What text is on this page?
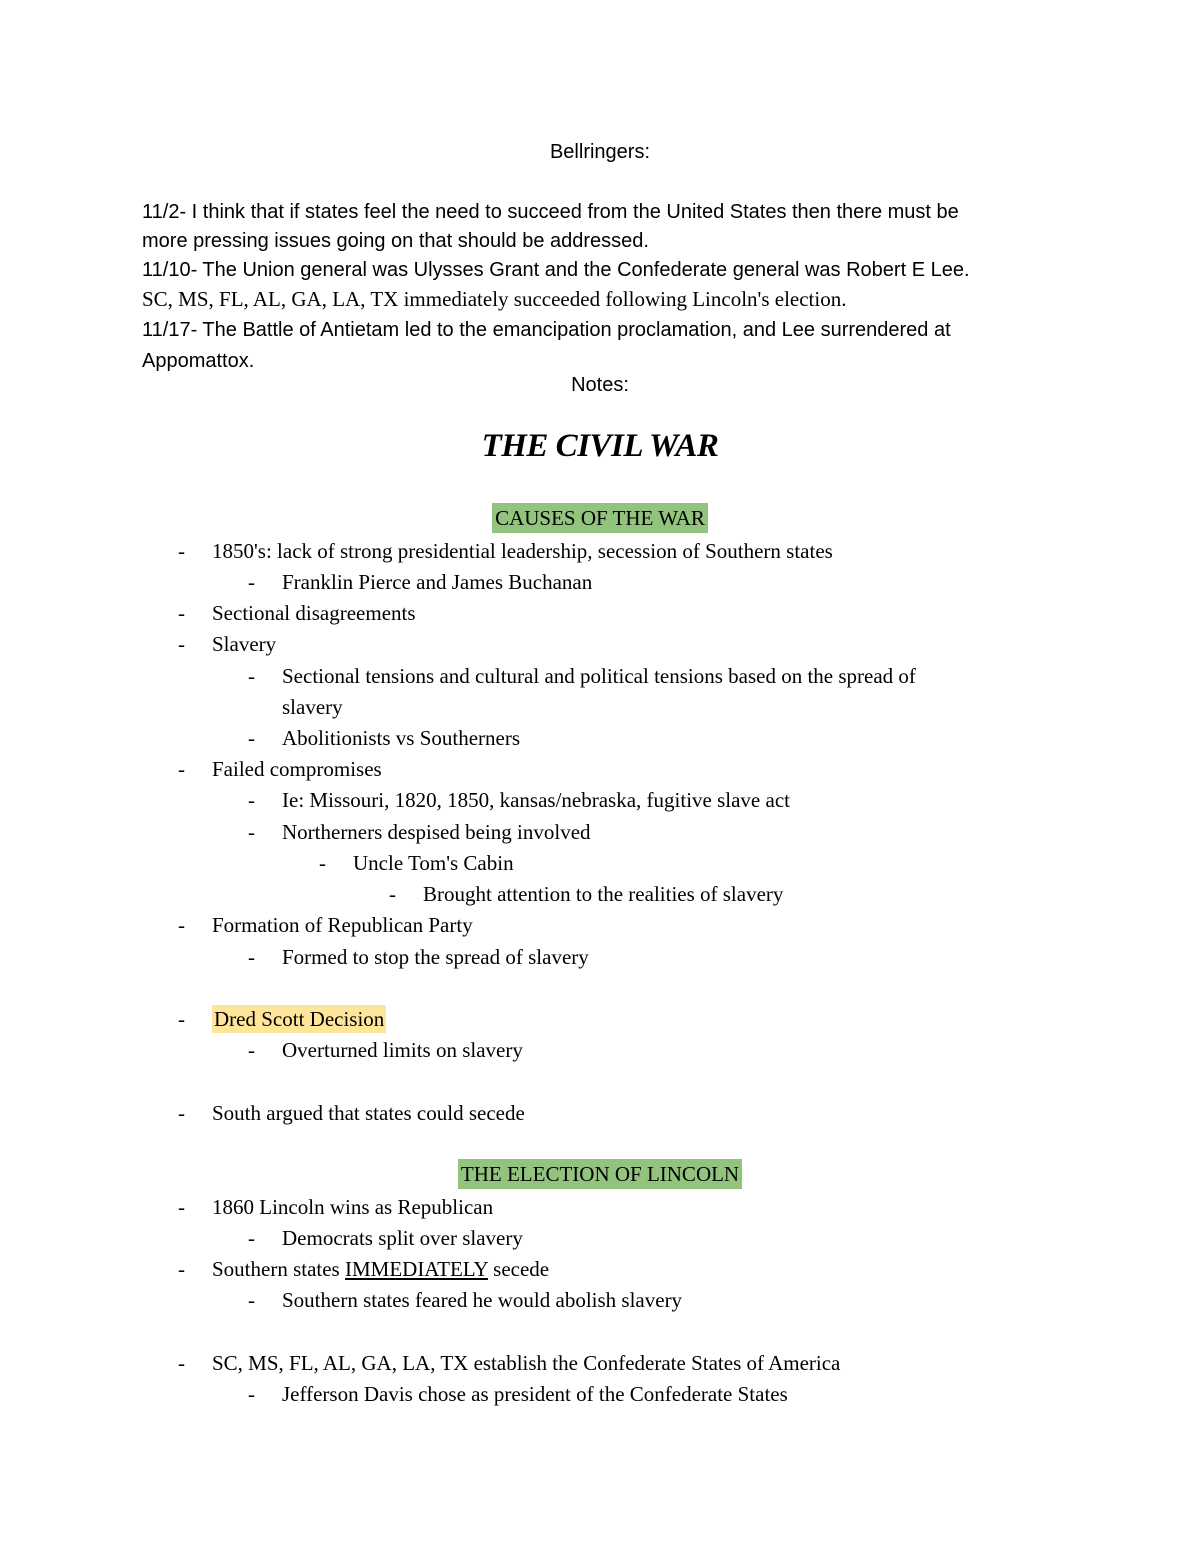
Bellringers:
11/2- I think that if states feel the need to succeed from the United States then there must be
more pressing issues going on that should be addressed.
11/10- The Union general was Ulysses Grant and the Confederate general was Robert E Lee.
SC, MS, FL, AL, GA, LA, TX immediately succeeded following Lincoln's election.
11/17- The Battle of Antietam led to the emancipation proclamation, and Lee surrendered at
Appomattox.
Notes:
THE CIVIL WAR
CAUSES OF THE WAR
- 1850's: lack of strong presidential leadership, secession of Southern states
- Franklin Pierce and James Buchanan
- Sectional disagreements
- Slavery
- Sectional tensions and cultural and political tensions based on the spread of
slavery
- Abolitionists vs Southerners
- Failed compromises
- Ie: Missouri, 1820, 1850, kansas/nebraska, fugitive slave act
- Northerners despised being involved
- Uncle Tom's Cabin
- Brought attention to the realities of slavery
- Formation of Republican Party
- Formed to stop the spread of slavery
- Dred Scott Decision
- Overturned limits on slavery
- South argued that states could secede
THE ELECTION OF LINCOLN
- 1860 Lincoln wins as Republican
- Democrats split over slavery
- Southern states IMMEDIATELY secede
- Southern states feared he would abolish slavery
- SC, MS, FL, AL, GA, LA, TX establish the Confederate States of America
- Jefferson Davis chose as president of the Confederate States
